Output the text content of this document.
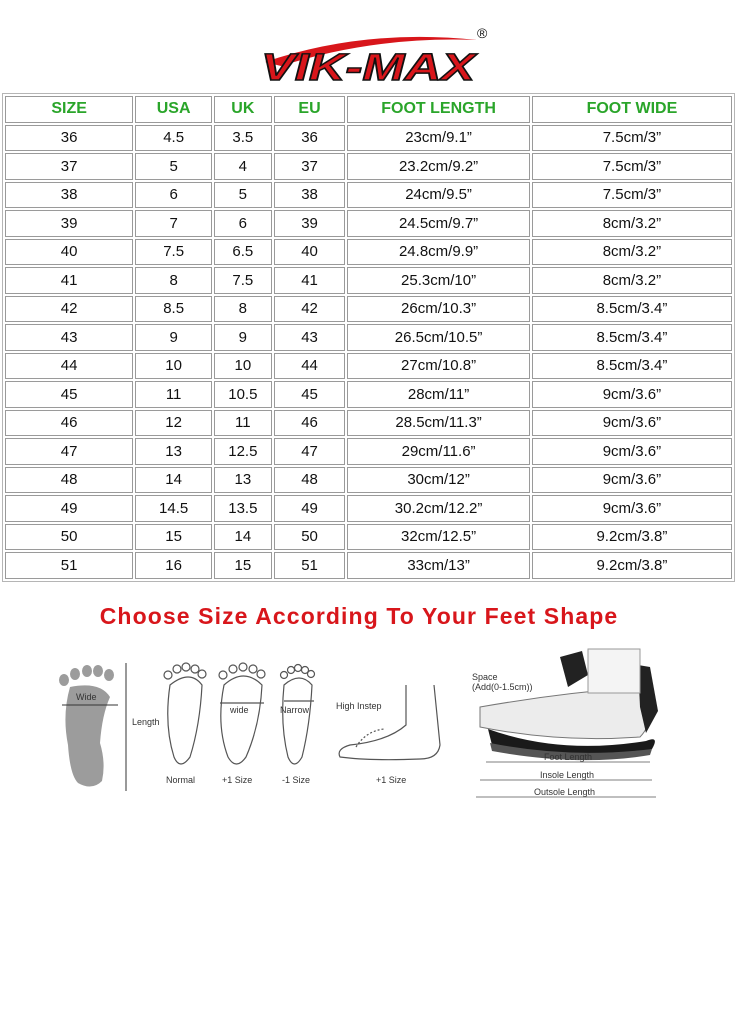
VIK-MAX
®
SIZE	USA	UK	EU	FOOT LENGTH	FOOT WIDE
36	4.5	3.5	36	23cm/9.1”	7.5cm/3”
37	5	4	37	23.2cm/9.2”	7.5cm/3”
38	6	5	38	24cm/9.5”	7.5cm/3”
39	7	6	39	24.5cm/9.7”	8cm/3.2”
40	7.5	6.5	40	24.8cm/9.9”	8cm/3.2”
41	8	7.5	41	25.3cm/10”	8cm/3.2”
42	8.5	8	42	26cm/10.3”	8.5cm/3.4”
43	9	9	43	26.5cm/10.5”	8.5cm/3.4”
44	10	10	44	27cm/10.8”	8.5cm/3.4”
45	11	10.5	45	28cm/11”	9cm/3.6”
46	12	11	46	28.5cm/11.3”	9cm/3.6”
47	13	12.5	47	29cm/11.6”	9cm/3.6”
48	14	13	48	30cm/12”	9cm/3.6”
49	14.5	13.5	49	30.2cm/12.2”	9cm/3.6”
50	15	14	50	32cm/12.5”	9.2cm/3.8”
51	16	15	51	33cm/13”	9.2cm/3.8”
Choose Size According To Your Feet Shape
Wide
Length
Normal
wide
+1 Size
Narrow
-1 Size
High Instep
+1 Size
Space
(Add(0-1.5cm))
Foot Length
Insole Length
Outsole Length
